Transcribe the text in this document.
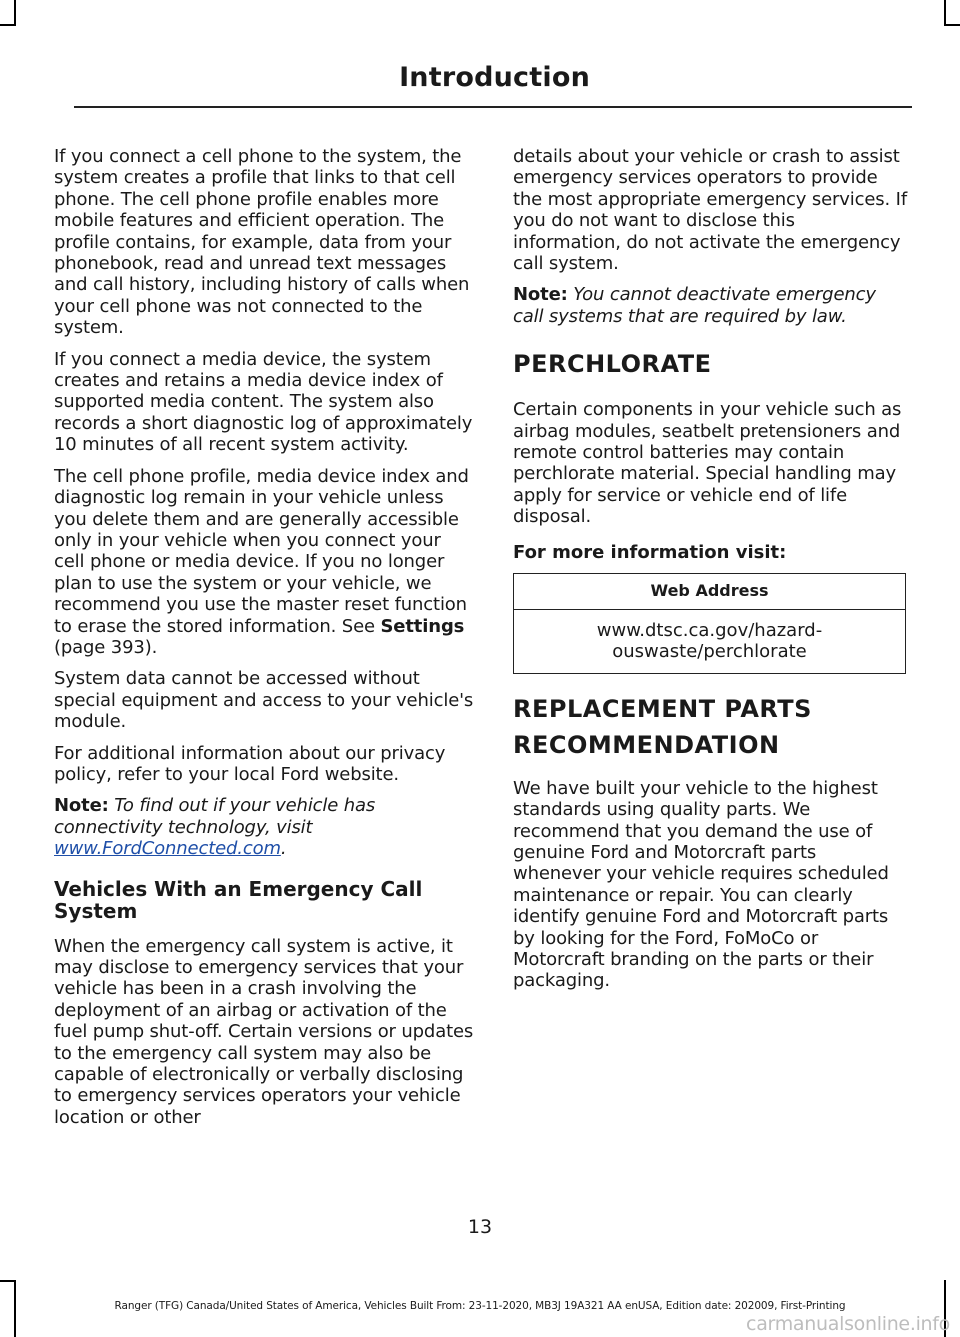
Introduction

If you connect a cell phone to the system, the system creates a profile that links to that cell phone. The cell phone profile enables more mobile features and efficient operation. The profile contains, for example, data from your phonebook, read and unread text messages and call history, including history of calls when your cell phone was not connected to the system.

If you connect a media device, the system creates and retains a media device index of supported media content. The system also records a short diagnostic log of approximately 10 minutes of all recent system activity.

The cell phone profile, media device index and diagnostic log remain in your vehicle unless you delete them and are generally accessible only in your vehicle when you connect your cell phone or media device. If you no longer plan to use the system or your vehicle, we recommend you use the master reset function to erase the stored information. See Settings (page 393).

System data cannot be accessed without special equipment and access to your vehicle's module.

For additional information about our privacy policy, refer to your local Ford website.

Note: To find out if your vehicle has connectivity technology, visit
www.FordConnected.com.

Vehicles With an Emergency Call System

When the emergency call system is active, it may disclose to emergency services that your vehicle has been in a crash involving the deployment of an airbag or activation of the fuel pump shut-off. Certain versions or updates to the emergency call system may also be capable of electronically or verbally disclosing to emergency services operators your vehicle location or other

details about your vehicle or crash to assist emergency services operators to provide the most appropriate emergency services. If you do not want to disclose this information, do not activate the emergency call system.

Note: You cannot deactivate emergency call systems that are required by law.

PERCHLORATE

Certain components in your vehicle such as airbag modules, seatbelt pretensioners and remote control batteries may contain perchlorate material. Special handling may apply for service or vehicle end of life disposal.

For more information visit:
Web Address
www.dtsc.ca.gov/hazard-ouswaste/perchlorate
REPLACEMENT PARTS
RECOMMENDATION

We have built your vehicle to the highest standards using quality parts. We recommend that you demand the use of genuine Ford and Motorcraft parts whenever your vehicle requires scheduled maintenance or repair. You can clearly identify genuine Ford and Motorcraft parts by looking for the Ford, FoMoCo or Motorcraft branding on the parts or their packaging.

13
Ranger (TFG) Canada/United States of America, Vehicles Built From: 23-11-2020, MB3J 19A321 AA enUSA, Edition date: 202009, First-Printing
carmanualsonline.info
